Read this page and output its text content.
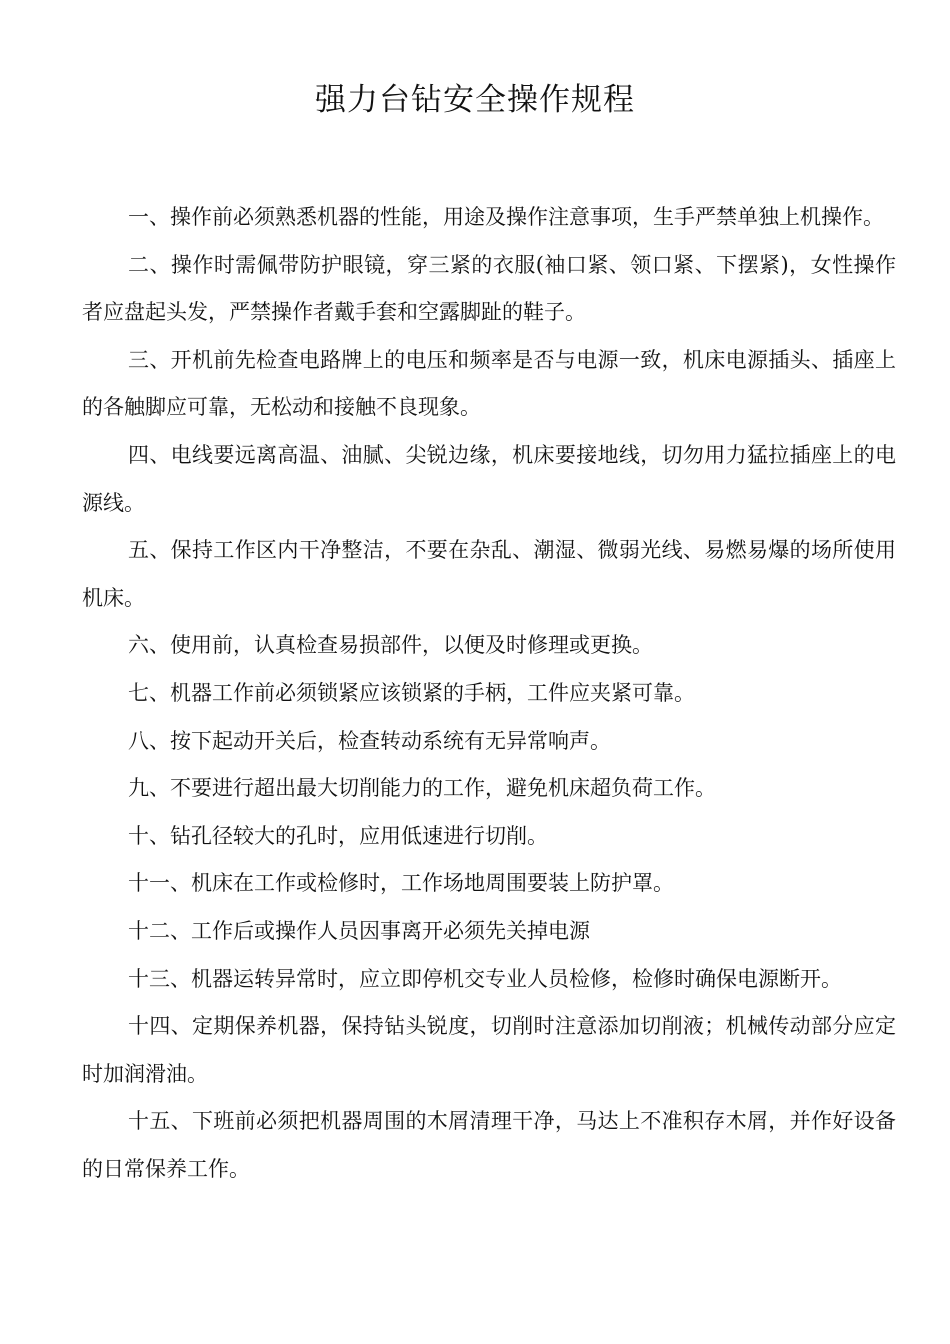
强力台钻安全操作规程
一、操作前必须熟悉机器的性能，用途及操作注意事项，生手严禁单独上机操作。
二、操作时需佩带防护眼镜，穿三紧的衣服(袖口紧、领口紧、下摆紧)，女性操作者应盘起头发，严禁操作者戴手套和空露脚趾的鞋子。
三、开机前先检查电路牌上的电压和频率是否与电源一致，机床电源插头、插座上的各触脚应可靠，无松动和接触不良现象。
四、电线要远离高温、油腻、尖锐边缘，机床要接地线，切勿用力猛拉插座上的电源线。
五、保持工作区内干净整洁，不要在杂乱、潮湿、微弱光线、易燃易爆的场所使用机床。
六、使用前，认真检查易损部件，以便及时修理或更换。
七、机器工作前必须锁紧应该锁紧的手柄，工件应夹紧可靠。
八、按下起动开关后，检查转动系统有无异常响声。
九、不要进行超出最大切削能力的工作，避免机床超负荷工作。
十、钻孔径较大的孔时，应用低速进行切削。
十一、机床在工作或检修时，工作场地周围要装上防护罩。
十二、工作后或操作人员因事离开必须先关掉电源
十三、机器运转异常时，应立即停机交专业人员检修，检修时确保电源断开。
十四、定期保养机器，保持钻头锐度，切削时注意添加切削液；机械传动部分应定时加润滑油。
十五、下班前必须把机器周围的木屑清理干净，马达上不准积存木屑，并作好设备的日常保养工作。
